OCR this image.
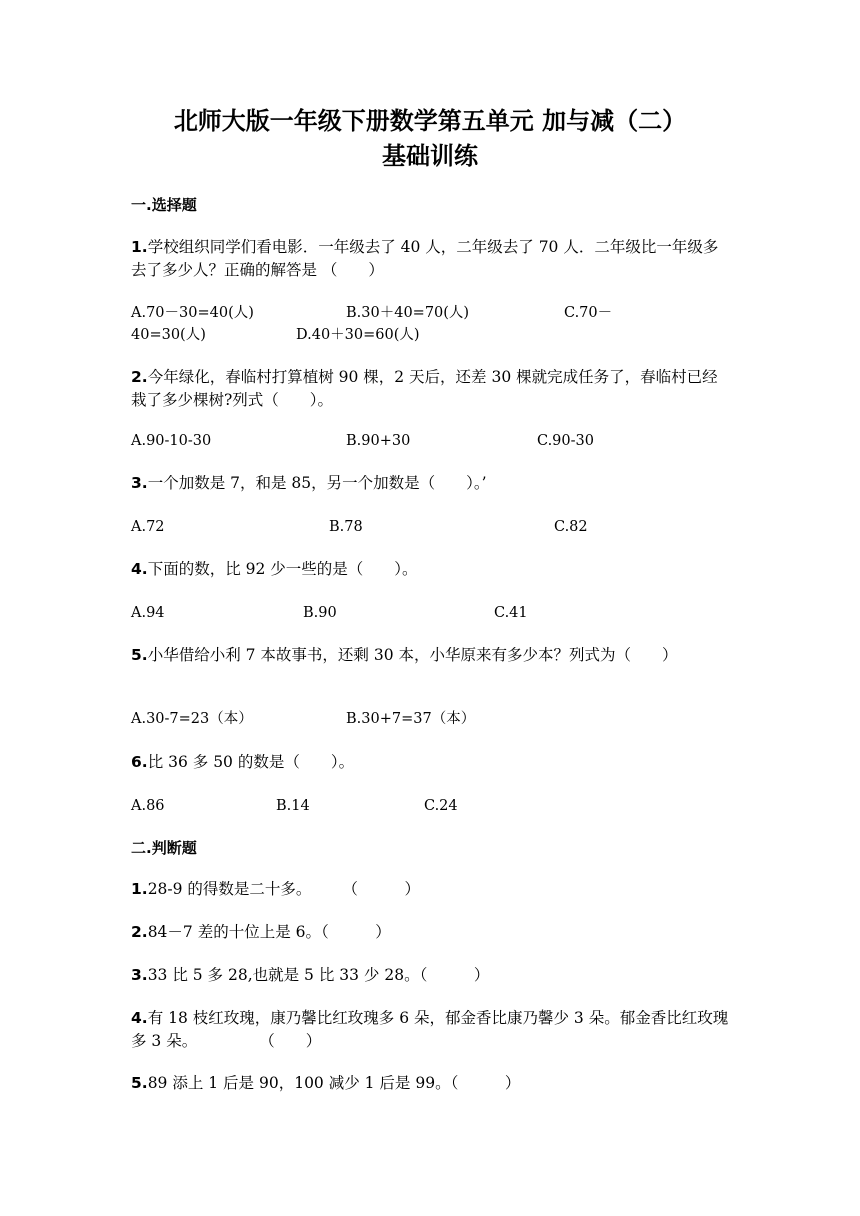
北师大版一年级下册数学第五单元 加与减（二）
基础训练
一.选择题
1.学校组织同学们看电影．一年级去了 40 人，二年级去了 70 人．二年级比一年级多去了多少人？正确的解答是 （　　）
A.70－30=40(人)	B.30＋40=70(人)	C.70－
40=30(人)	D.40＋30=60(人)
2.今年绿化，春临村打算植树 90 棵，2 天后，还差 30 棵就完成任务了，春临村已经栽了多少棵树?列式（　　）。
A.90-10-30	B.90+30	C.90-30
3.一个加数是 7，和是 85，另一个加数是（　　）。’
A.72	B.78	C.82
4.下面的数，比 92 少一些的是（　　）。
A.94	B.90	C.41
5.小华借给小利 7 本故事书，还剩 30 本，小华原来有多少本？列式为（　　）
A.30-7=23（本）	B.30+7=37（本）
6.比 36 多 50 的数是（　　）。
A.86	B.14	C.24
二.判断题
1.28-9 的得数是二十多。　　　（　　　）
2.84－7 差的十位上是 6。（　　　）
3.33 比 5 多 28,也就是 5 比 33 少 28。（　　　）
4.有 18 枝红玫瑰，康乃馨比红玫瑰多 6 朵，郁金香比康乃馨少 3 朵。郁金香比红玫瑰多 3 朵。　　　　　（　　）
5.89 添上 1 后是 90，100 减少 1 后是 99。（　　　）
